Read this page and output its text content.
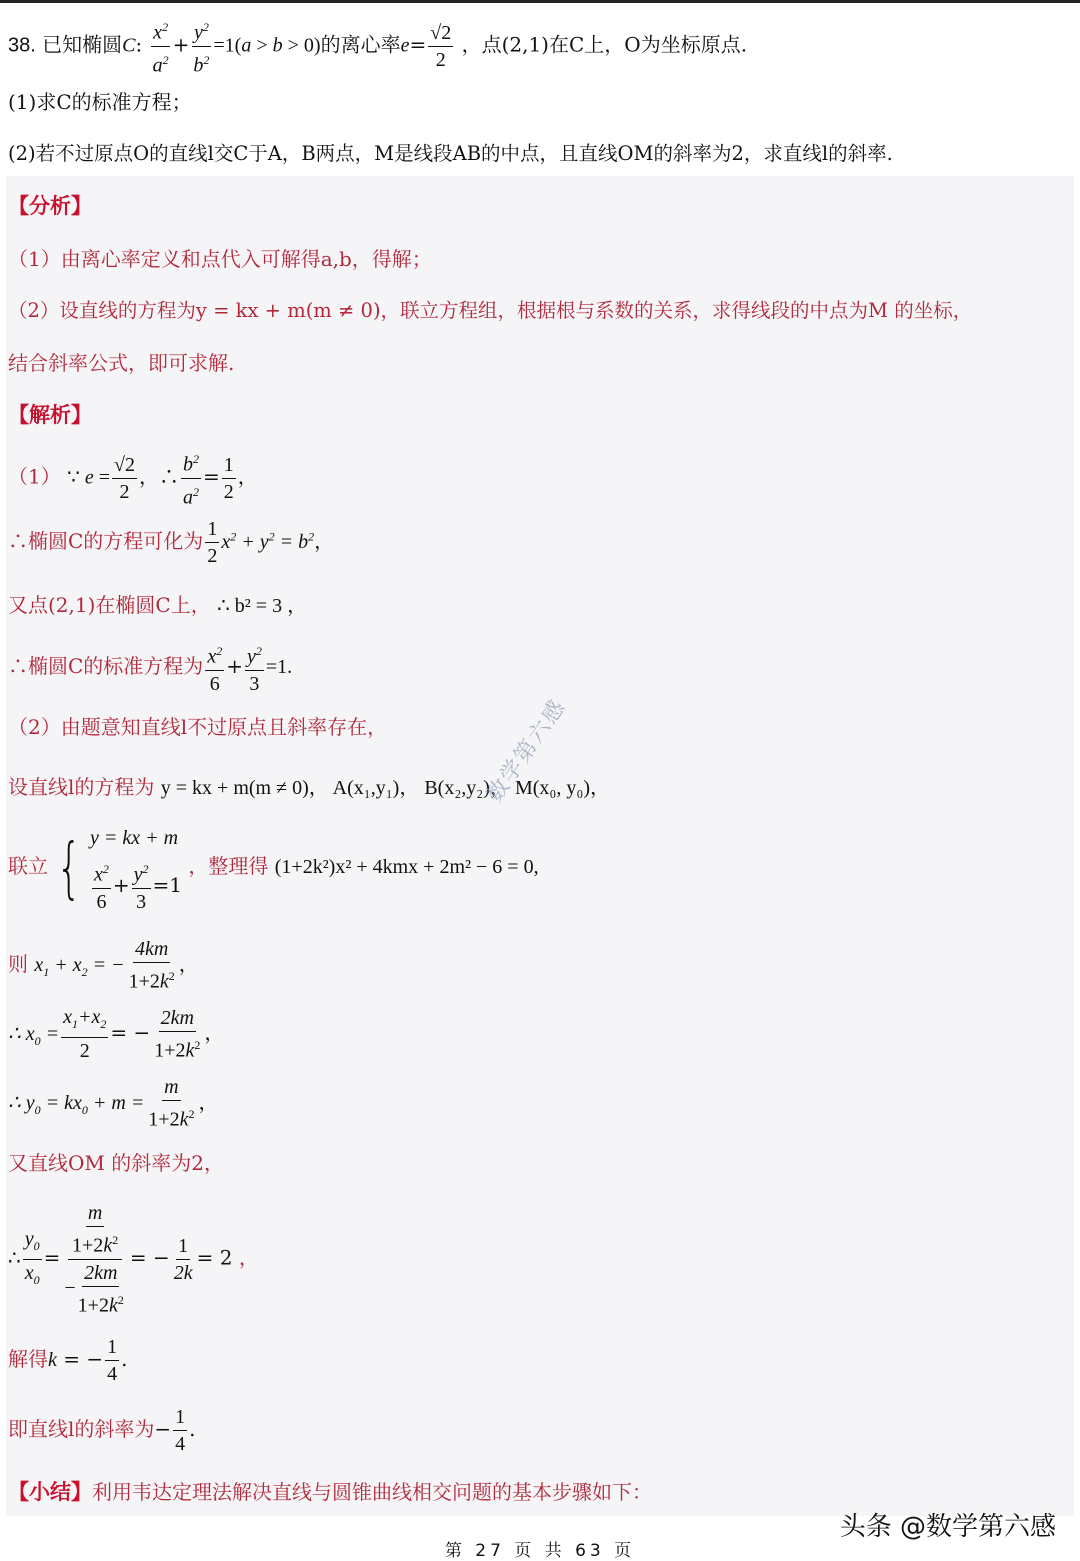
38. 已知椭圆C: $\frac{x^2}{a^2} + \frac{y^2}{b^2} =1(a > b > 0)$的离心率$e= \frac{√2}{2}$ ，点(2,1)在C上，O为坐标原点.
(1)求C的标准方程；
(2)若不过原点O的直线l交C于A，B两点，M是线段AB的中点，且直线OM的斜率为2，求直线l的斜率.
【分析】
（1）由离心率定义和点代入可解得a,b，得解；
（2）设直线的方程为y = kx + m(m ≠ 0)，联立方程组，根据根与系数的关系，求得线段的中点为M 的坐标，
结合斜率公式，即可求解.
【解析】
（1） ∵ $e = \frac{√2}{2}$ ，∴ $\frac{b^2}{a^2} = \frac{1}{2}$ ，
∴椭圆C的方程可化为 $\frac{1}{2} x^2 + y^2 = b^2$，
又点(2,1)在椭圆C上， ∴ b² = 3 ，
∴椭圆C的标准方程为 $\frac{x^2}{6} + \frac{y^2}{3} =1$.
（2）由题意知直线l不过原点且斜率存在，
设直线l的方程为 y = kx + m(m ≠ 0)， A(x₁,y₁)， B(x₂,y₂)， M(x₀, y₀)，
联立 { y = kx + m
$\frac{x^2}{6} + \frac{y^2}{3} =1$
，整理得 (1+2k²)x² + 4kmx + 2m² − 6 = 0,
则 $x_1 + x_2$ = − $\frac{4km}{1+2k^2}$ ，
∴ $x_0 = \frac{x_1+x_2}{2}$ = − $\frac{2km}{1+2k^2}$ ，
∴ $y_0 = kx_0 + m = \frac{m}{1+2k^2}$ ，
又直线OM 的斜率为2，
∴ $\frac{y_0}{x_0} = \frac{\frac{m}{1+2k^2}}{- \frac{2km}{1+2k^2}}$ = − $\frac{1}{2k} = 2$ ，
解得k = − $\frac{1}{4}$ .
即直线l的斜率为− $\frac{1}{4}$ .
【小结】利用韦达定理法解决直线与圆锥曲线相交问题的基本步骤如下：
数学第六感
头条 @数学第六感
第 27 页 共 63 页
